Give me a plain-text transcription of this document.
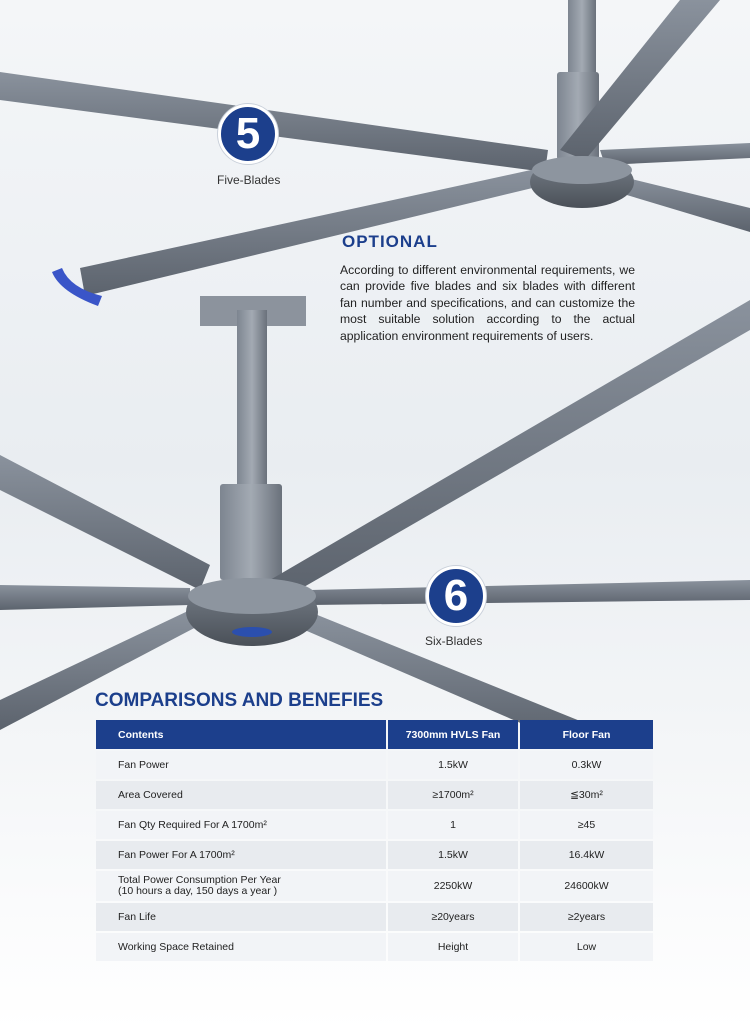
5
Five-Blades
6
Six-Blades
OPTIONAL
According to different environmental requirements, we can provide five blades and six blades with different fan number and specifications, and can customize the most suitable solution according to the actual application environment requirements of users.
COMPARISONS AND BENEFIES
Contents	7300mm HVLS Fan	Floor Fan
Fan Power	1.5kW	0.3kW
Area Covered	≥1700m²	≦30m²
Fan Qty Required For A 1700m²	1	≥45
Fan Power For A 1700m²	1.5kW	16.4kW

Total Power Consumption Per Year
(10 hours a day, 150 days a year )	2250kW	24600kW
Fan Life	≥20years	≥2years
Working Space Retained	Height	Low
